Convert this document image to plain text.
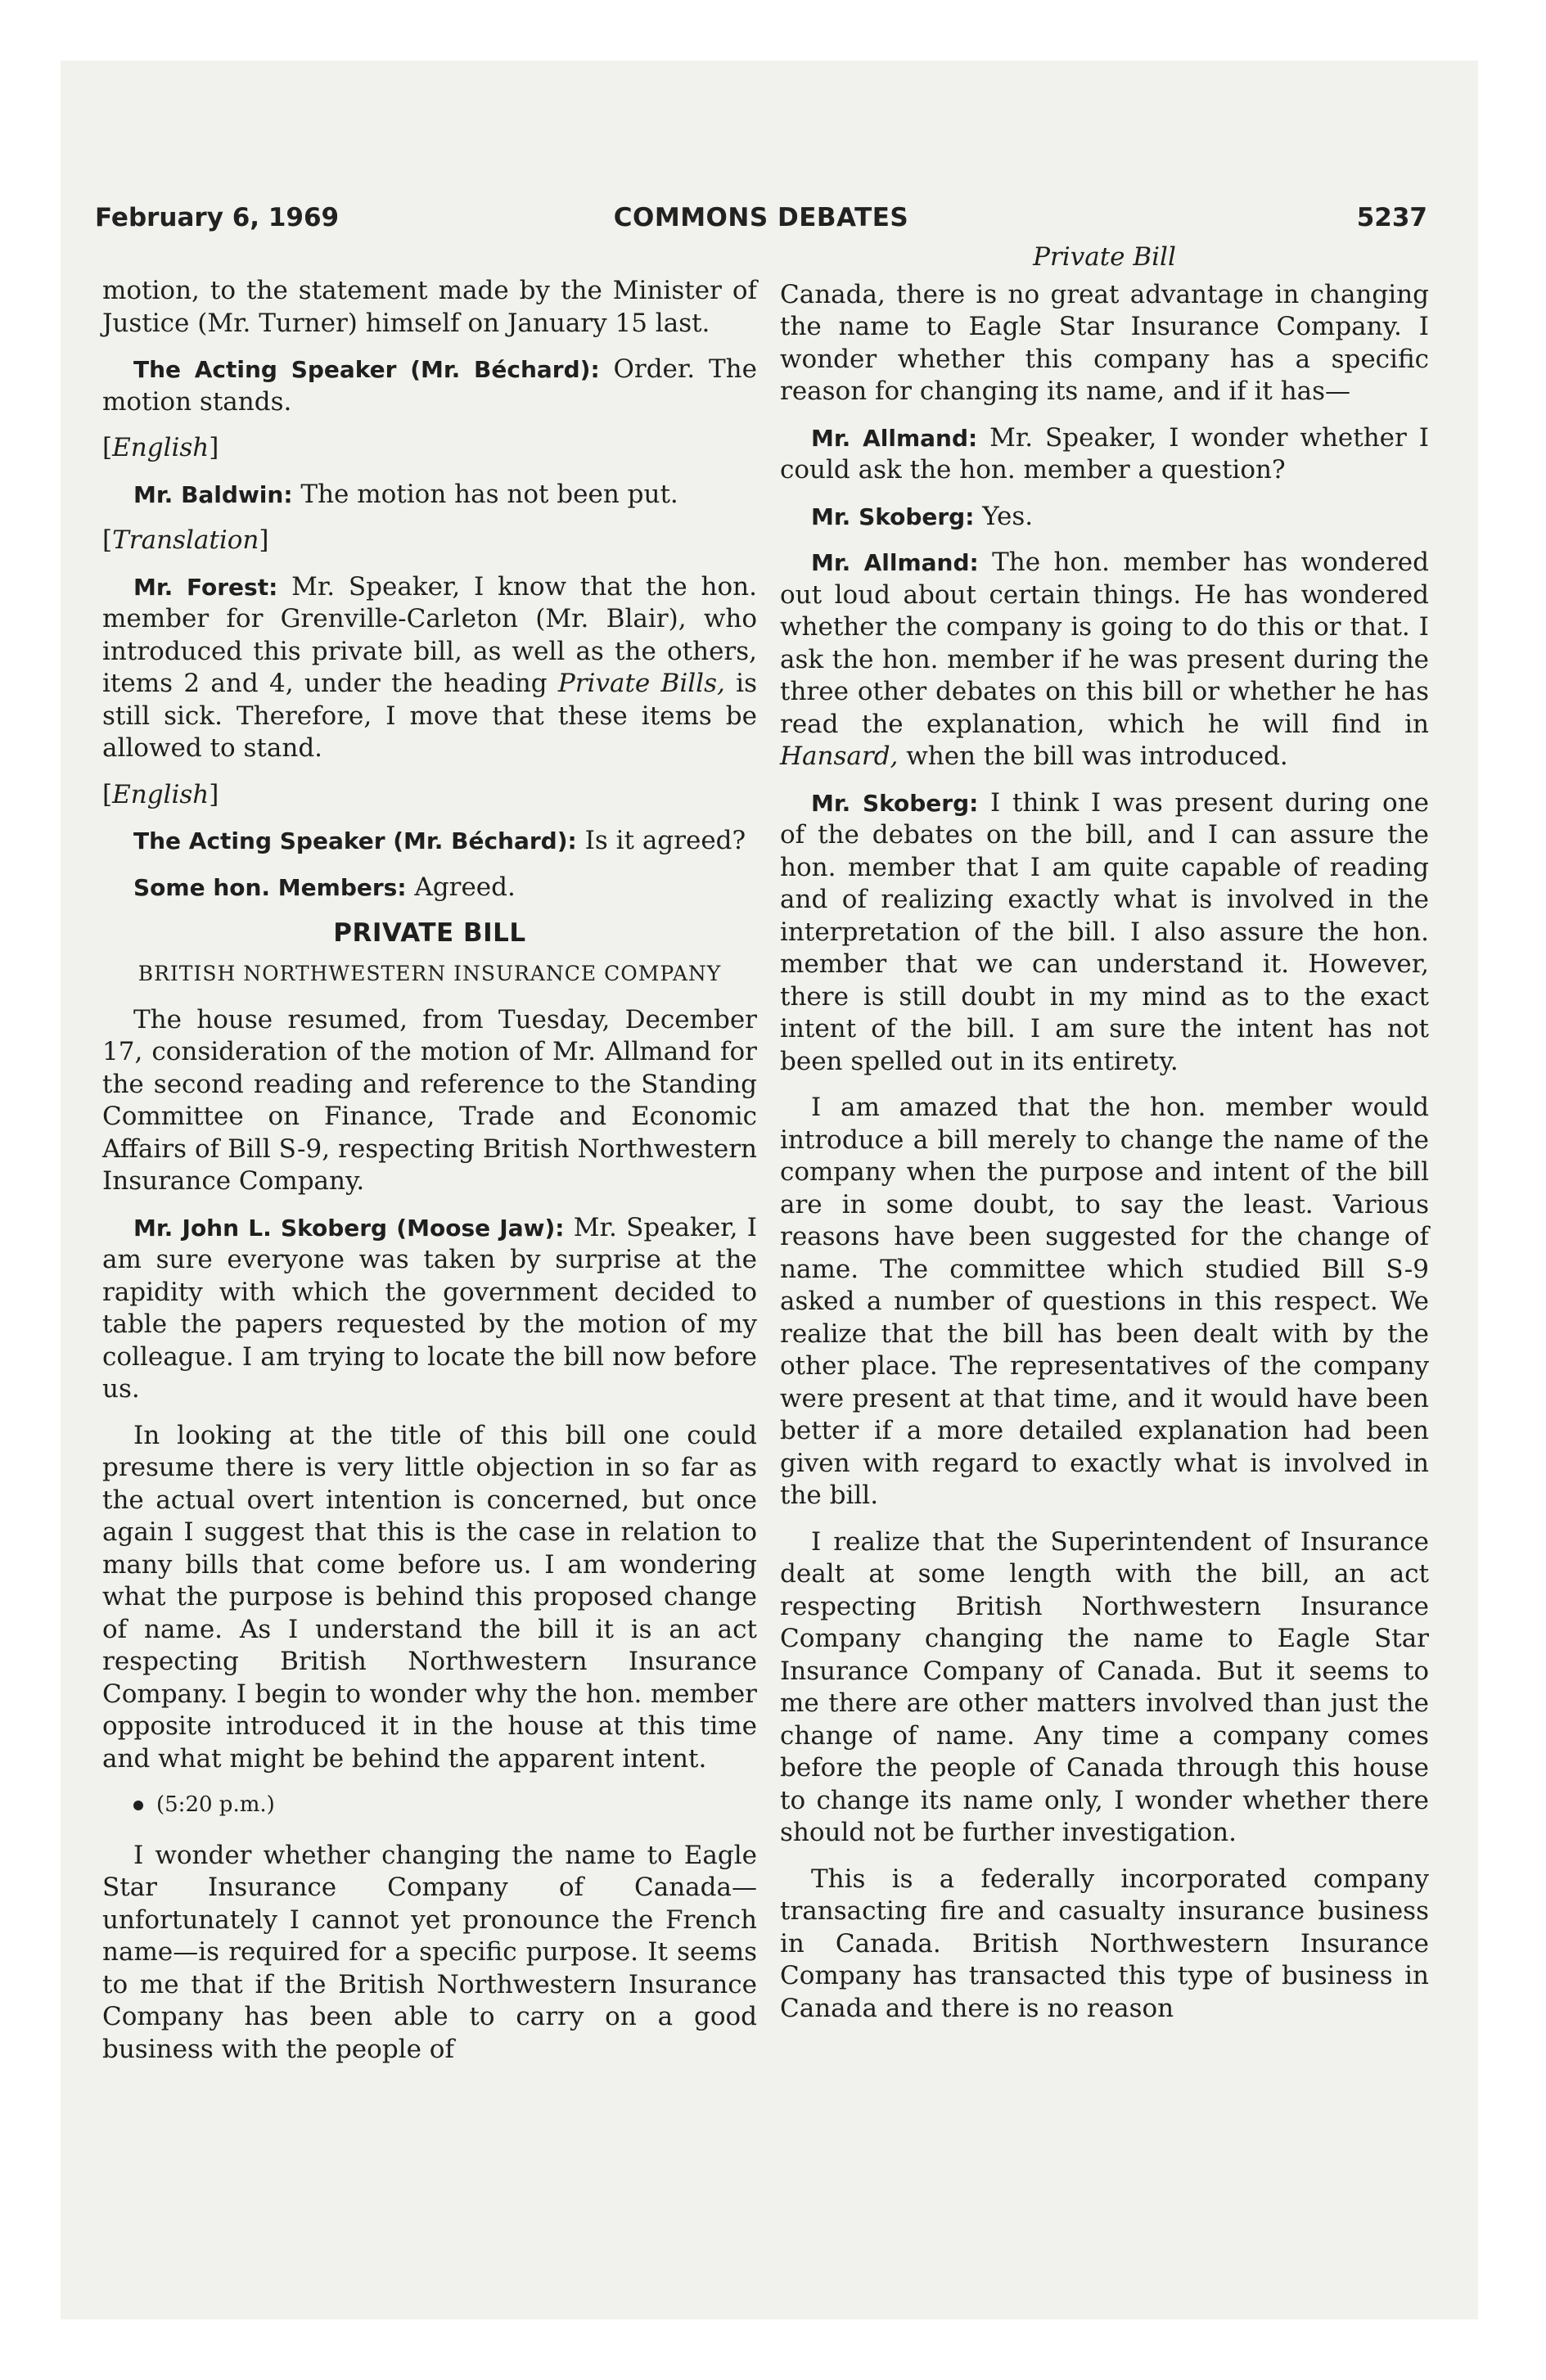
February 6, 1969	COMMONS DEBATES	5237

motion, to the statement made by the Minister of Justice (Mr. Turner) himself on January 15 last.

The Acting Speaker (Mr. Béchard): Order. The motion stands.

[English]

Mr. Baldwin: The motion has not been put.

[Translation]

Mr. Forest: Mr. Speaker, I know that the hon. member for Grenville-Carleton (Mr. Blair), who introduced this private bill, as well as the others, items 2 and 4, under the heading Private Bills, is still sick. Therefore, I move that these items be allowed to stand.

[English]

The Acting Speaker (Mr. Béchard): Is it agreed?

Some hon. Members: Agreed.

PRIVATE BILL
BRITISH NORTHWESTERN INSURANCE COMPANY

The house resumed, from Tuesday, December 17, consideration of the motion of Mr. Allmand for the second reading and reference to the Standing Committee on Finance, Trade and Economic Affairs of Bill S-9, respecting British Northwestern Insurance Company.

Mr. John L. Skoberg (Moose Jaw): Mr. Speaker, I am sure everyone was taken by surprise at the rapidity with which the government decided to table the papers requested by the motion of my colleague. I am trying to locate the bill now before us.

In looking at the title of this bill one could presume there is very little objection in so far as the actual overt intention is concerned, but once again I suggest that this is the case in relation to many bills that come before us. I am wondering what the purpose is behind this proposed change of name. As I understand the bill it is an act respecting British Northwestern Insurance Company. I begin to wonder why the hon. member opposite introduced it in the house at this time and what might be behind the apparent intent.

(5:20 p.m.)

I wonder whether changing the name to Eagle Star Insurance Company of Canada—unfortunately I cannot yet pronounce the French name—is required for a specific purpose. It seems to me that if the British Northwestern Insurance Company has been able to carry on a good business with the people of

Private Bill

Canada, there is no great advantage in changing the name to Eagle Star Insurance Company. I wonder whether this company has a specific reason for changing its name, and if it has—

Mr. Allmand: Mr. Speaker, I wonder whether I could ask the hon. member a question?

Mr. Skoberg: Yes.

Mr. Allmand: The hon. member has wondered out loud about certain things. He has wondered whether the company is going to do this or that. I ask the hon. member if he was present during the three other debates on this bill or whether he has read the explanation, which he will find in Hansard, when the bill was introduced.

Mr. Skoberg: I think I was present during one of the debates on the bill, and I can assure the hon. member that I am quite capable of reading and of realizing exactly what is involved in the interpretation of the bill. I also assure the hon. member that we can understand it. However, there is still doubt in my mind as to the exact intent of the bill. I am sure the intent has not been spelled out in its entirety.

I am amazed that the hon. member would introduce a bill merely to change the name of the company when the purpose and intent of the bill are in some doubt, to say the least. Various reasons have been suggested for the change of name. The committee which studied Bill S-9 asked a number of questions in this respect. We realize that the bill has been dealt with by the other place. The representatives of the company were present at that time, and it would have been better if a more detailed explanation had been given with regard to exactly what is involved in the bill.

I realize that the Superintendent of Insurance dealt at some length with the bill, an act respecting British Northwestern Insurance Company changing the name to Eagle Star Insurance Company of Canada. But it seems to me there are other matters involved than just the change of name. Any time a company comes before the people of Canada through this house to change its name only, I wonder whether there should not be further investigation.

This is a federally incorporated company transacting fire and casualty insurance business in Canada. British Northwestern Insurance Company has transacted this type of business in Canada and there is no reason
